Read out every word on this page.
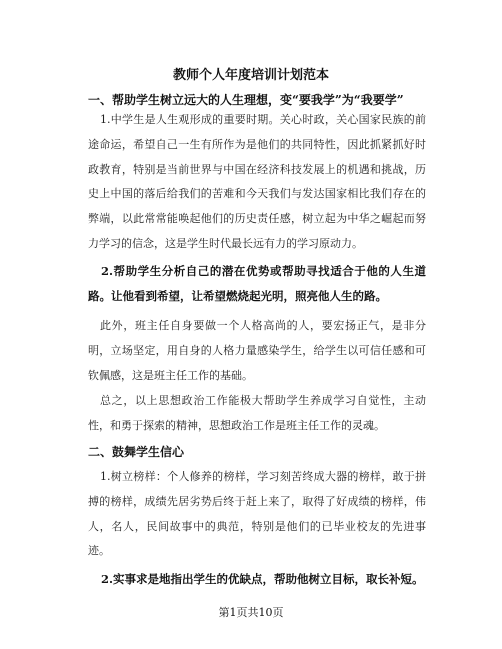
教师个人年度培训计划范本
一、帮助学生树立远大的人生理想，变“要我学”为“我要学”
1.中学生是人生观形成的重要时期。关心时政，关心国家民族的前途命运，希望自己一生有所作为是他们的共同特性，因此抓紧抓好时政教育，特别是当前世界与中国在经济科技发展上的机遇和挑战，历史上中国的落后给我们的苦难和今天我们与发达国家相比我们存在的弊端，以此常常能唤起他们的历史责任感，树立起为中华之崛起而努力学习的信念，这是学生时代最长远有力的学习原动力。
2.帮助学生分析自己的潜在优势或帮助寻找适合于他的人生道路。让他看到希望，让希望燃烧起光明，照亮他人生的路。
此外，班主任自身要做一个人格高尚的人，要宏扬正气，是非分明，立场坚定，用自身的人格力量感染学生，给学生以可信任感和可钦佩感，这是班主任工作的基础。
总之，以上思想政治工作能极大帮助学生养成学习自觉性，主动性，和勇于探索的精神，思想政治工作是班主任工作的灵魂。
二、鼓舞学生信心
1.树立榜样：个人修养的榜样，学习刻苦终成大器的榜样，敢于拼搏的榜样，成绩先居劣势后终于赶上来了，取得了好成绩的榜样，伟人，名人，民间故事中的典范，特别是他们的已毕业校友的先进事迹。
2.实事求是地指出学生的优缺点，帮助他树立目标，取长补短。
第1页共10页
